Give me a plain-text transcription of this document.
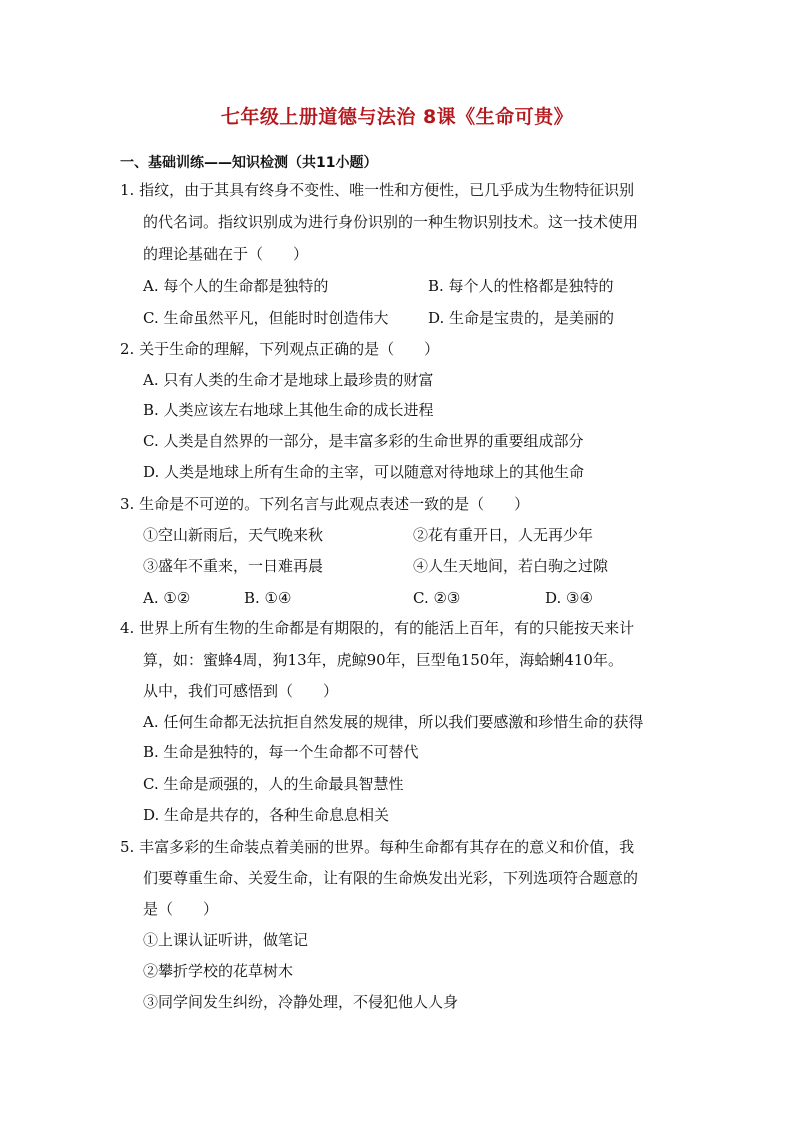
七年级上册道德与法治 8课《生命可贵》
一、基础训练——知识检测（共11小题）
1. 指纹，由于其具有终身不变性、唯一性和方便性，已几乎成为生物特征识别
的代名词。指纹识别成为进行身份识别的一种生物识别技术。这一技术使用
的理论基础在于（　　）
A. 每个人的生命都是独特的	B. 每个人的性格都是独特的
C. 生命虽然平凡，但能时时创造伟大	D. 生命是宝贵的，是美丽的
2. 关于生命的理解，下列观点正确的是（　　）
A. 只有人类的生命才是地球上最珍贵的财富
B. 人类应该左右地球上其他生命的成长进程
C. 人类是自然界的一部分，是丰富多彩的生命世界的重要组成部分
D. 人类是地球上所有生命的主宰，可以随意对待地球上的其他生命
3. 生命是不可逆的。下列名言与此观点表述一致的是（　　）
①空山新雨后，天气晚来秋	②花有重开日，人无再少年
③盛年不重来，一日难再晨	④人生天地间，若白驹之过隙
A. ①②	B. ①④	C. ②③	D. ③④
4. 世界上所有生物的生命都是有期限的，有的能活上百年，有的只能按天来计
算，如：蜜蜂4周，狗13年，虎鲸90年，巨型龟150年，海蛤蜊410年。
从中，我们可感悟到（　　）
A. 任何生命都无法抗拒自然发展的规律，所以我们要感激和珍惜生命的获得
B. 生命是独特的，每一个生命都不可替代
C. 生命是顽强的，人的生命最具智慧性
D. 生命是共存的，各种生命息息相关
5. 丰富多彩的生命装点着美丽的世界。每种生命都有其存在的意义和价值，我
们要尊重生命、关爱生命，让有限的生命焕发出光彩，下列选项符合题意的
是（　　）
①上课认证听讲，做笔记
②攀折学校的花草树木
③同学间发生纠纷，冷静处理，不侵犯他人人身
